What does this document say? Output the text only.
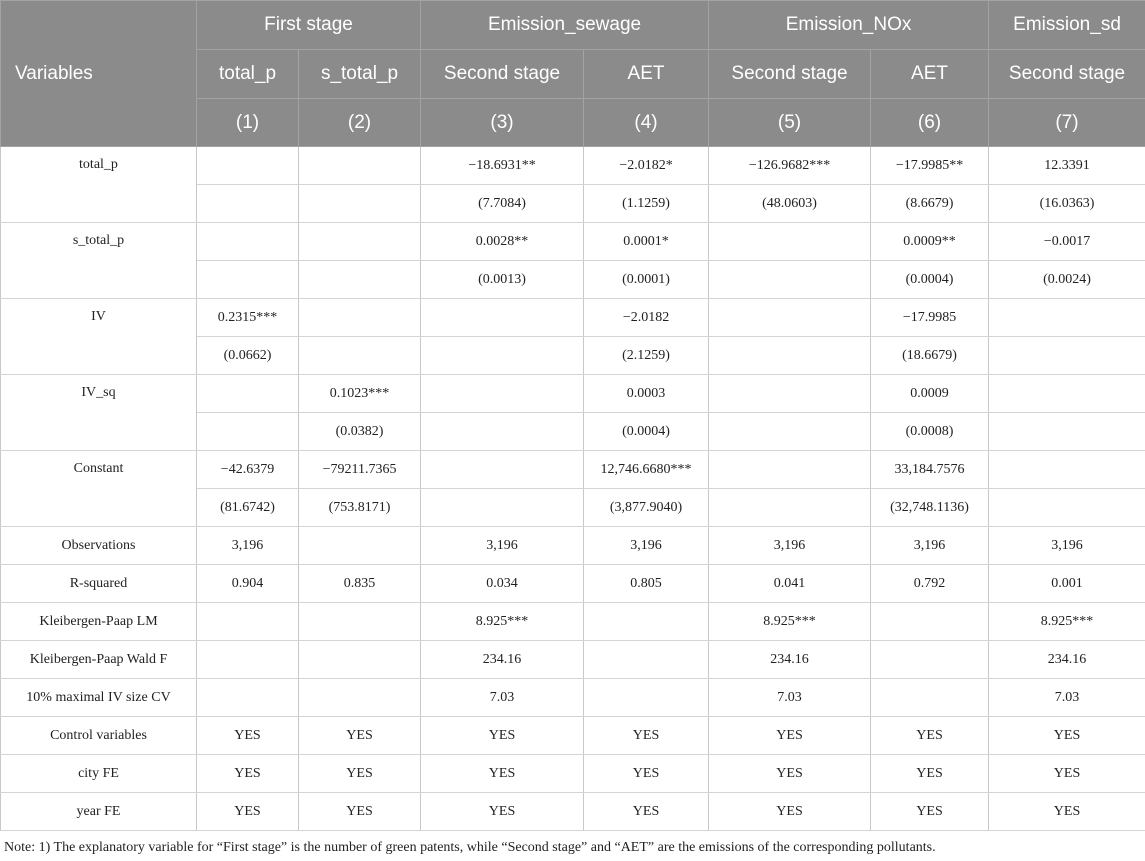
Variables	First stage		Emission_sewage		Emission_NOx		Emission_sd
	total_p	s_total_p	Second stage	AET	Second stage	AET	Second stage
	(1)	(2)	(3)	(4)	(5)	(6)	(7)
total_p			−18.6931**	−2.0182*	−126.9682***	−17.9985**	12.3391
			(7.7084)	(1.1259)	(48.0603)	(8.6679)	(16.0363)
s_total_p			0.0028**	0.0001*		0.0009**	−0.0017
			(0.0013)	(0.0001)		(0.0004)	(0.0024)
IV	0.2315***			−2.0182		−17.9985	
	(0.0662)			(2.1259)		(18.6679)	
IV_sq		0.1023***		0.0003		0.0009	
		(0.0382)		(0.0004)		(0.0008)	
Constant	−42.6379	−79211.7365		12,746.6680***		33,184.7576	
	(81.6742)	(753.8171)		(3,877.9040)		(32,748.1136)	
Observations	3,196		3,196	3,196	3,196	3,196	3,196
R-squared	0.904	0.835	0.034	0.805	0.041	0.792	0.001
Kleibergen-Paap LM			8.925***		8.925***		8.925***
Kleibergen-Paap Wald F			234.16		234.16		234.16
10% maximal IV size CV			7.03		7.03		7.03
Control variables	YES	YES	YES	YES	YES	YES	YES
city FE	YES	YES	YES	YES	YES	YES	YES
year FE	YES	YES	YES	YES	YES	YES	YES
Note: 1) The explanatory variable for “First stage” is the number of green patents, while “Second stage” and “AET” are the emissions of the corresponding pollutants.
